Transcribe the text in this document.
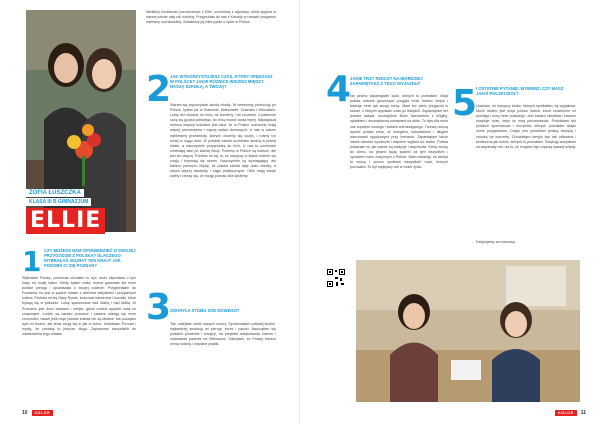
ZOFIA ŁUSZCZKA
KLASA III B GIMNAZJUM
ELLIE
1 CZY MOŻESZ NAM OPOWIEDZIEĆ O SWOJEJ PRZYGODZIE Z POLSKĄ? DLACZEGO WYBRAŁAŚ AKURAT TEN KRAJ? JAK PODOBA CI SIĘ POZNAŃ?
Wybrałam Polskę, ponieważ chciałam tu być, dużo słyszałam o tym kraju od mojej babci. Kiedy byłam mała, mama gotowała dla mnie polskie pierogi i opowiadała o swojej rodzinie. Przyjechałam do Poznania, bo jest to piękne miasto z wieloma zabytkami i przyjaznymi ludźmi. Podoba mi się Stary Rynek, kolorowe kamienice i koziołki, które trykają się w południe. Lubię spacerować nad Wartą i nad Maltą. W Poznaniu jest dużo kawiarni i miejsc, gdzie można spędzić czas ze znajomymi. Ludzie są bardzo pomocni i zawsze starają się mnie zrozumieć, nawet jeśli moje polskie zdania nie są idealne. Na początku było mi trudno, ale teraz czuję się tu jak w domu. Uwielbiam Poznań i myślę, że zostanę tu jeszcze długo. Zapraszam wszystkich do odwiedzenia tego miasta.
Mieliśmy możliwość porozmawiać z Ellie, uczennicą z wymiany, która spędza w naszej szkole cały rok szkolny. Przyjechała do nas z Kanady w ramach programu wymiany uczniowskiej. Zadaliśmy jej kilka pytań o życie w Polsce.
2
JAK WYKORZYSTUJESZ CZAS, KTÓRY SPĘDZASZ W POLSCE? JAKIE RÓŻNICE WIDZISZ MIĘDZY NASZĄ SZKOŁĄ, A TWOJĄ?
Staram się wykorzystać każdą chwilę. W weekendy podróżuję po Polsce, byłam już w Krakowie, Warszawie, Gdańsku i Wrocławiu. Lubię też chodzić do kina, na koncerty i do muzeów. Codziennie uczę się języka polskiego, bo chcę mówić coraz lepiej. Największa różnica między szkołami jest taka, że w Polsce uczniowie mają więcej przedmiotów i więcej zadań domowych. U nas w szkole wybieramy przedmioty, których chcemy się uczyć, i mamy ich mniej w ciągu dnia. W polskiej szkole uczniowie siedzą w jednej klasie, a nauczyciele przychodzą do nich. U nas to uczniowie zmieniają sale po każdej lekcji. Przerwy w Polsce są krótsze, ale jest ich więcej. Podoba mi się to, że wszyscy w klasie dobrze się znają i trzymają się razem. Nauczyciele są wymagający, ale bardzo pomocni. Myślę, że polska szkoła daje dużo wiedzy, a nasza więcej swobody i zajęć praktycznych. Obie mają swoje zalety i cieszę się, że mogę poznać oba systemy.
3
ODKRYŁA ŚTUMU ZOE NOWEGO?
Tak, odkryłam wiele nowych rzeczy. Spróbowałam polskiej kuchni, najbardziej smakują mi pierogi, żurek i pączki. Nauczyłam się polskich piosenek i tradycji, na przykład świętowania imienin i malowania pisanek na Wielkanoc. Odkryłam, że Polacy bardzo cenią rodzinę i wspólne posiłki.
10	KOLOR
4
JAKIE TRZY RZECZY NAJBARDZIEJ ZAPAMIĘTASZ Z TEGO WYJAZDU?
Na pewno zapamiętam ludzi, których tu poznałam. Moja polska rodzina goszcząca przyjęła mnie bardzo ciepło i traktuje mnie jak swoją córkę. Mam też wielu przyjaciół w szkole, z którymi spędzam czas po lekcjach. Zapamiętam też polskie święta, szczególnie Boże Narodzenie z Wigilią, opłatkiem i dwunastoma potrawami na stole. To było dla mnie coś zupełnie nowego i bardzo wzruszającego. Trzecią rzeczą będzie polska zima, ze śniegiem, lodowiskiem i długimi wieczorami spędzanymi przy herbacie. Zapamiętam także nasze szkolne wycieczki i wspólne wyjścia do teatru. Polska pokazała mi, jak ważne są tradycje i wspólnota. Kiedy wrócę do domu, na pewno będę tęsknić za tym wszystkim i opowiem moim znajomym o Polsce. Mam nadzieję, że kiedyś tu wrócę i znowu spotkam wszystkich ludzi, których poznałam. To był najlepszy rok w moim życiu.
5
I OSTATNIE PYTANIE: WYBIERZ, CZY MASZ JAKIŚ POLSKI IDOL?
Uważam, że wszyscy ludzie, których spotkałam, są wyjątkowi. Moim idolem jest moja polska mama, która codziennie mi pomaga i uczy mnie polskiego. Jest bardzo cierpliwa i zawsze znajduje czas, żeby ze mną porozmawiać. Podziwiam też polskich sportowców i muzyków, których poznałam dzięki moim przyjaciołom. Dzięki nim polubiłam polską muzykę i chodzę na koncerty. Chciałabym kiedyś być tak odważna i serdeczna jak ludzie, których tu poznałam. Dziękuję wszystkim za wspaniały rok i za to, że mogłam być częścią waszej szkoły.
Dziękujemy za rozmowę.
KOLOR	11
